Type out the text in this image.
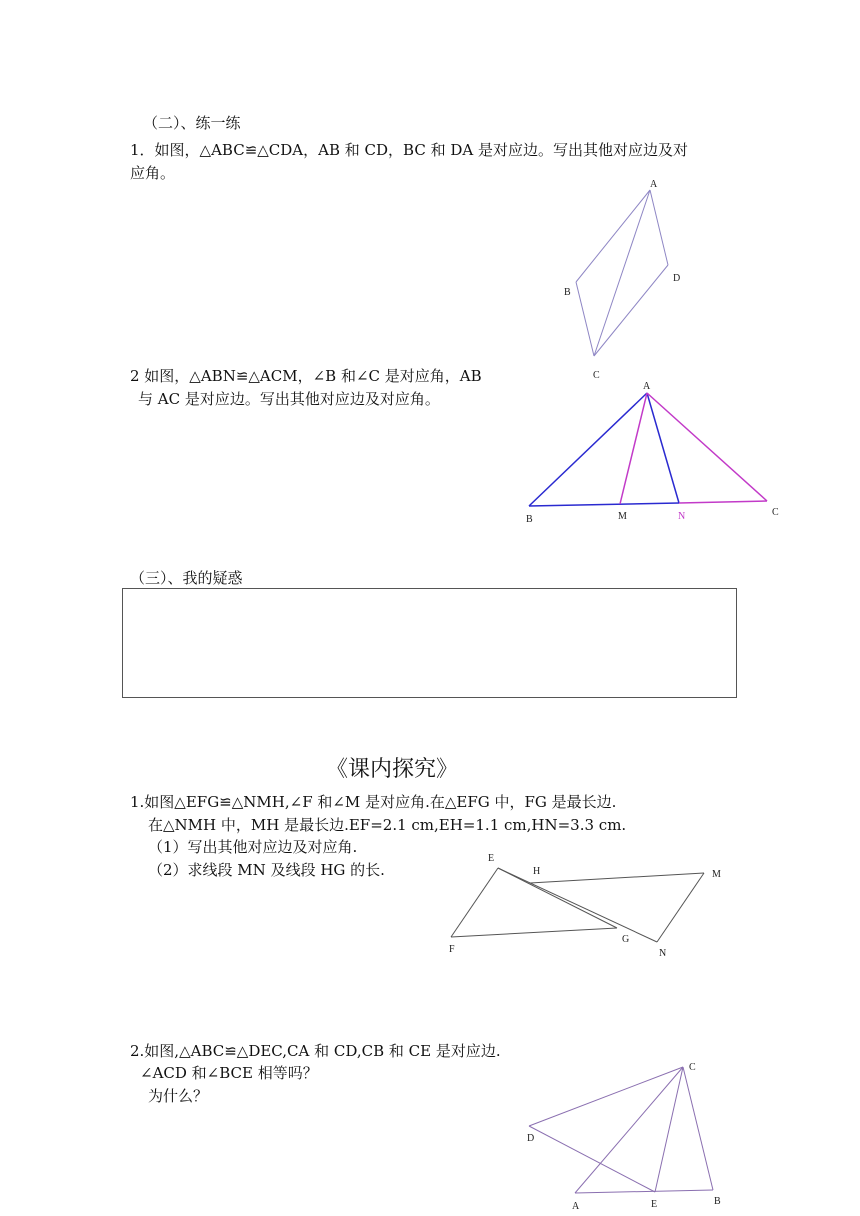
（二）、练一练
1．如图，△ABC≌△CDA，AB 和 CD，BC 和 DA 是对应边。写出其他对应边及对
应角。
A
B
C
D
2 如图，△ABN≌△ACM，∠B 和∠C 是对应角，AB
与 AC 是对应边。写出其他对应边及对应角。
A
B	M	N	C
（三）、我的疑惑
《课内探究》
1.如图△EFG≌△NMH,∠F 和∠M 是对应角.在△EFG 中，FG 是最长边.
在△NMH 中，MH 是最长边.EF=2.1 cm,EH=1.1 cm,HN=3.3 cm.
（1）写出其他对应边及对应角.
（2）求线段 MN 及线段 HG 的长.
E
H	M
F
G
N
2.如图,△ABC≌△DEC,CA 和 CD,CB 和 CE 是对应边.
∠ACD 和∠BCE 相等吗？
为什么？
C
D
A	E	B
